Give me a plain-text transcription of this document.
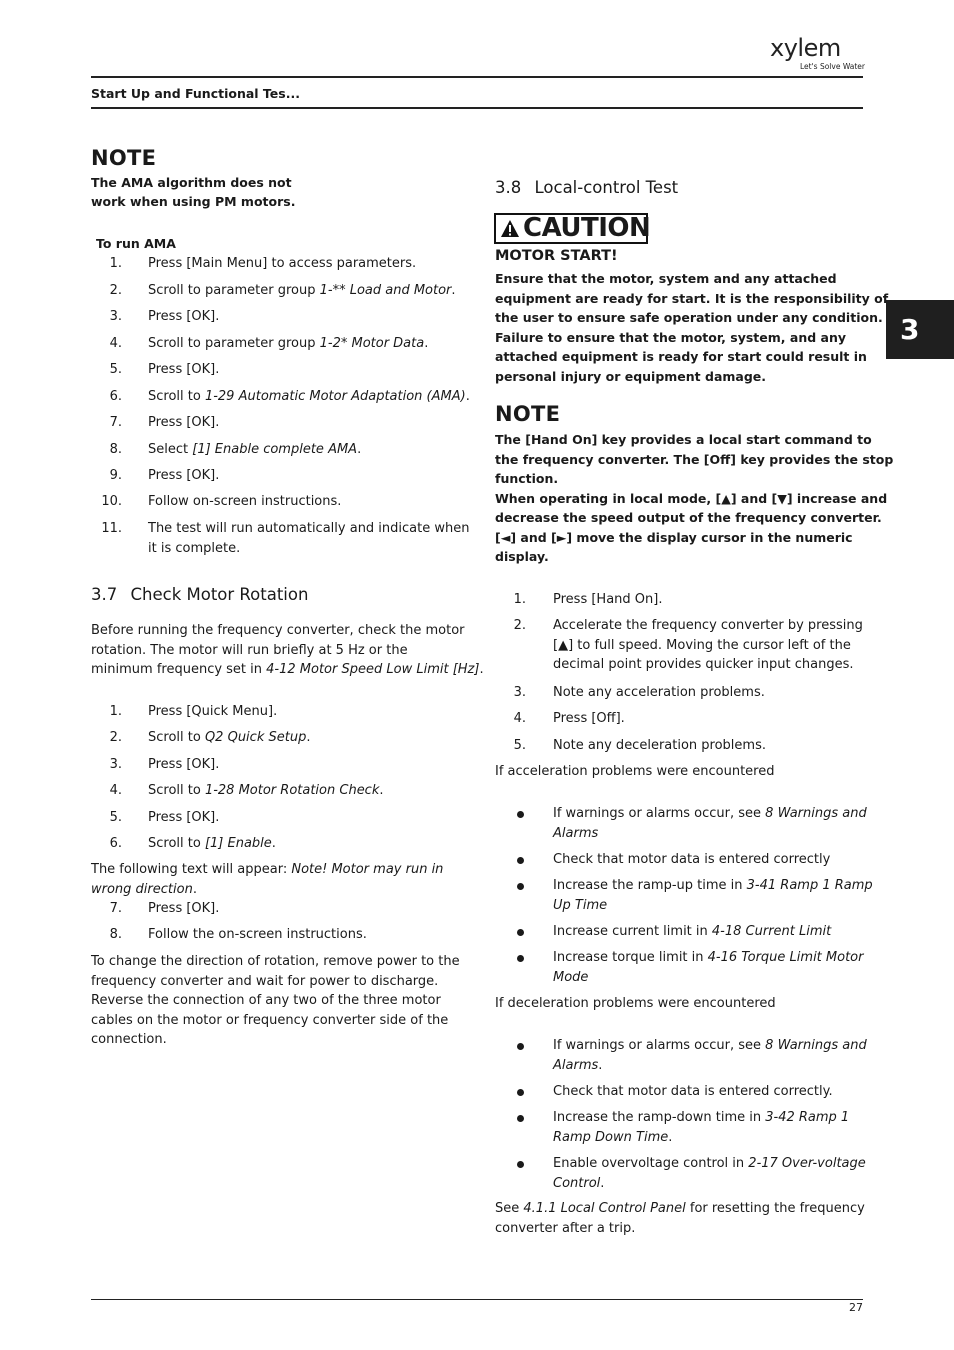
xylem
Let's Solve Water
Start Up and Functional Tes...
3
NOTE
The AMA algorithm does not
work when using PM motors.
To run AMA
1. Press [Main Menu] to access parameters.
2. Scroll to parameter group 1-** Load and Motor.
3. Press [OK].
4. Scroll to parameter group 1-2* Motor Data.
5. Press [OK].
6. Scroll to 1-29 Automatic Motor Adaptation (AMA).
7. Press [OK].
8. Select [1] Enable complete AMA.
9. Press [OK].
10. Follow on-screen instructions.
11. The test will run automatically and indicate when
it is complete.
3.7 Check Motor Rotation
Before running the frequency converter, check the motor
rotation. The motor will run briefly at 5 Hz or the
minimum frequency set in 4-12 Motor Speed Low Limit [Hz].
1. Press [Quick Menu].
2. Scroll to Q2 Quick Setup.
3. Press [OK].
4. Scroll to 1-28 Motor Rotation Check.
5. Press [OK].
6. Scroll to [1] Enable.
The following text will appear: Note! Motor may run in
wrong direction.
7. Press [OK].
8. Follow the on-screen instructions.
To change the direction of rotation, remove power to the
frequency converter and wait for power to discharge.
Reverse the connection of any two of the three motor
cables on the motor or frequency converter side of the
connection.
3.8 Local-control Test
CAUTION
MOTOR START!
Ensure that the motor, system and any attached
equipment are ready for start. It is the responsibility of
the user to ensure safe operation under any condition.
Failure to ensure that the motor, system, and any
attached equipment is ready for start could result in
personal injury or equipment damage.
NOTE
The [Hand On] key provides a local start command to
the frequency converter. The [Off] key provides the stop
function.
When operating in local mode, [▲] and [▼] increase and
decrease the speed output of the frequency converter.
[◄] and [►] move the display cursor in the numeric
display.
1. Press [Hand On].
2. Accelerate the frequency converter by pressing
[▲] to full speed. Moving the cursor left of the
decimal point provides quicker input changes.
3. Note any acceleration problems.
4. Press [Off].
5. Note any deceleration problems.
If acceleration problems were encountered
If warnings or alarms occur, see 8 Warnings and
Alarms
Check that motor data is entered correctly
Increase the ramp-up time in 3-41 Ramp 1 Ramp
Up Time
Increase current limit in 4-18 Current Limit
Increase torque limit in 4-16 Torque Limit Motor
Mode
If deceleration problems were encountered
If warnings or alarms occur, see 8 Warnings and
Alarms.
Check that motor data is entered correctly.
Increase the ramp-down time in 3-42 Ramp 1
Ramp Down Time.
Enable overvoltage control in 2-17 Over-voltage
Control.
See 4.1.1 Local Control Panel for resetting the frequency
converter after a trip.
27
